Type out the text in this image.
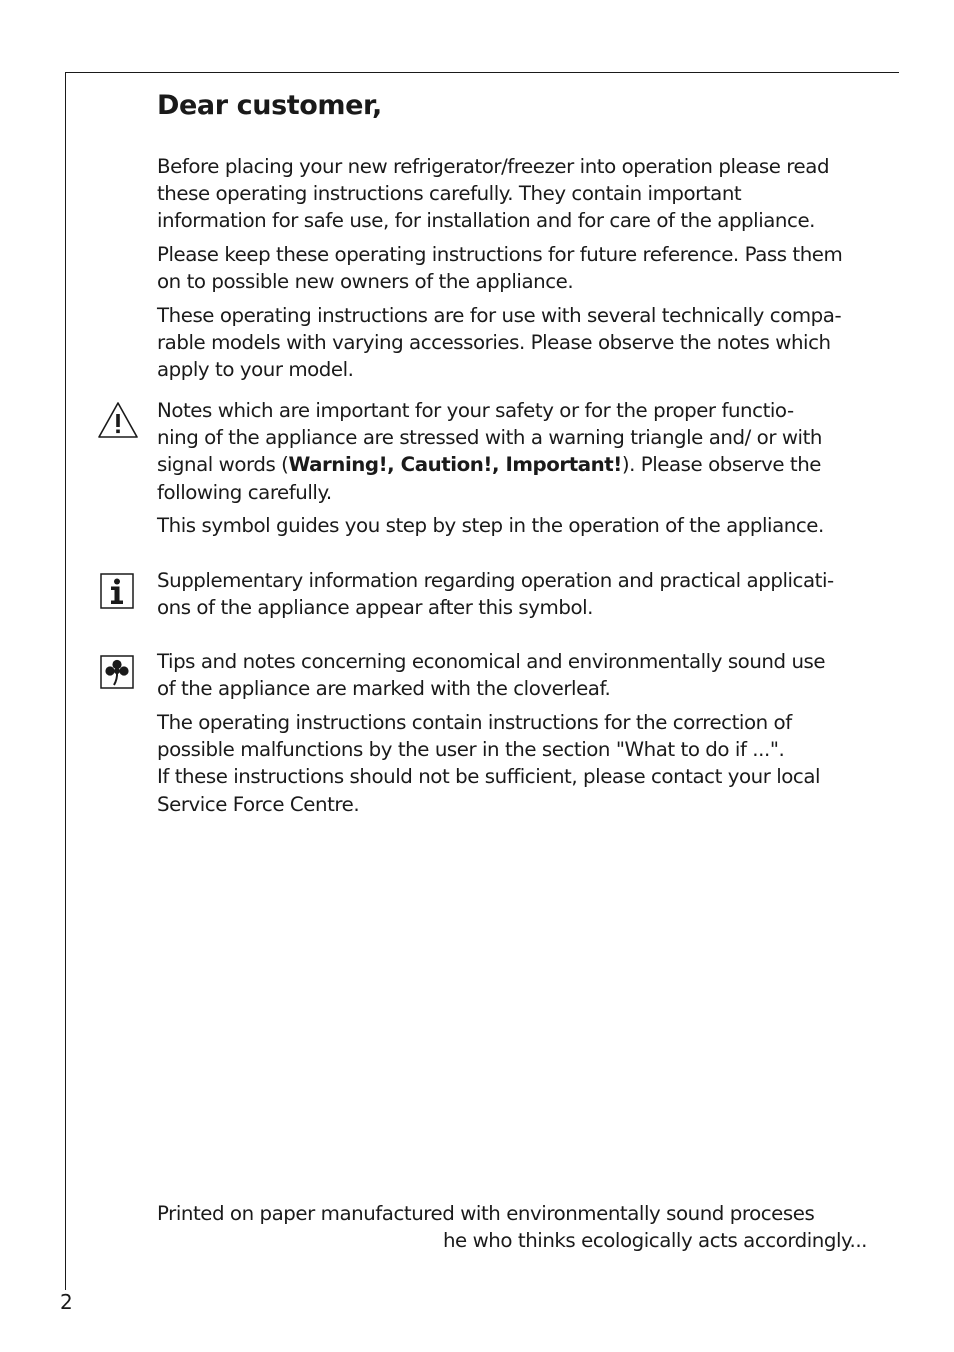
Dear customer,

Before placing your new refrigerator/freezer into operation please read
these operating instructions carefully. They contain important
information for safe use, for installation and for care of the appliance.

Please keep these operating instructions for future reference. Pass them
on to possible new owners of the appliance.

These operating instructions are for use with several technically compa-
rable models with varying accessories. Please observe the notes which
apply to your model.

Notes which are important for your safety or for the proper functio-
ning of the appliance are stressed with a warning triangle and/ or with
signal words (Warning!, Caution!, Important!). Please observe the
following carefully.

This symbol guides you step by step in the operation of the appliance.

Supplementary information regarding operation and practical applicati-
ons of the appliance appear after this symbol.

Tips and notes concerning economical and environmentally sound use
of the appliance are marked with the cloverleaf.

The operating instructions contain instructions for the correction of
possible malfunctions by the user in the section "What to do if ...".
If these instructions should not be sufficient, please contact your local
Service Force Centre.

Printed on paper manufactured with environmentally sound proceses

he who thinks ecologically acts accordingly...

2
